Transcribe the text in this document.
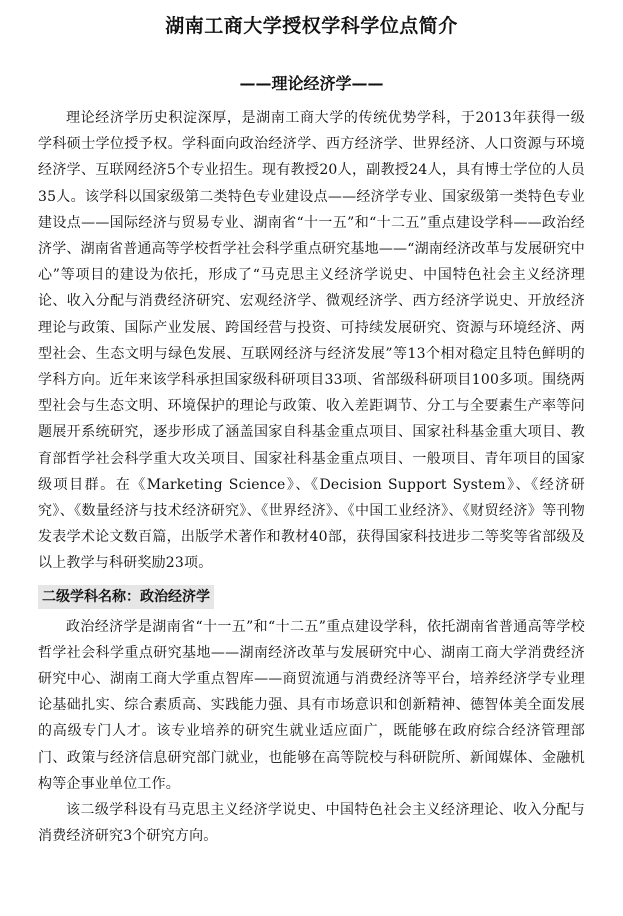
湖南工商大学授权学科学位点简介
——理论经济学——

理论经济学历史积淀深厚，是湖南工商大学的传统优势学科，于2013年获得一级学科硕士学位授予权。学科面向政治经济学、西方经济学、世界经济、人口资源与环境经济学、互联网经济5个专业招生。现有教授20人，副教授24人，具有博士学位的人员35人。该学科以国家级第二类特色专业建设点——经济学专业、国家级第一类特色专业建设点——国际经济与贸易专业、湖南省“十一五”和“十二五”重点建设学科——政治经济学、湖南省普通高等学校哲学社会科学重点研究基地——“湖南经济改革与发展研究中心”等项目的建设为依托，形成了“马克思主义经济学说史、中国特色社会主义经济理论、收入分配与消费经济研究、宏观经济学、微观经济学、西方经济学说史、开放经济理论与政策、国际产业发展、跨国经营与投资、可持续发展研究、资源与环境经济、两型社会、生态文明与绿色发展、互联网经济与经济发展”等13个相对稳定且特色鲜明的学科方向。近年来该学科承担国家级科研项目33项、省部级科研项目100多项。围绕两型社会与生态文明、环境保护的理论与政策、收入差距调节、分工与全要素生产率等问题展开系统研究，逐步形成了涵盖国家自科基金重点项目、国家社科基金重大项目、教育部哲学社会科学重大攻关项目、国家社科基金重点项目、一般项目、青年项目的国家级项目群。在《Marketing Science》、《Decision Support System》、《经济研究》、《数量经济与技术经济研究》、《世界经济》、《中国工业经济》、《财贸经济》等刊物发表学术论文数百篇，出版学术著作和教材40部，获得国家科技进步二等奖等省部级及以上教学与科研奖励23项。

二级学科名称：政治经济学

政治经济学是湖南省“十一五”和“十二五”重点建设学科，依托湖南省普通高等学校哲学社会科学重点研究基地——湖南经济改革与发展研究中心、湖南工商大学消费经济研究中心、湖南工商大学重点智库——商贸流通与消费经济等平台，培养经济学专业理论基础扎实、综合素质高、实践能力强、具有市场意识和创新精神、德智体美全面发展的高级专门人才。该专业培养的研究生就业适应面广，既能够在政府综合经济管理部门、政策与经济信息研究部门就业，也能够在高等院校与科研院所、新闻媒体、金融机构等企事业单位工作。

该二级学科设有马克思主义经济学说史、中国特色社会主义经济理论、收入分配与消费经济研究3个研究方向。
